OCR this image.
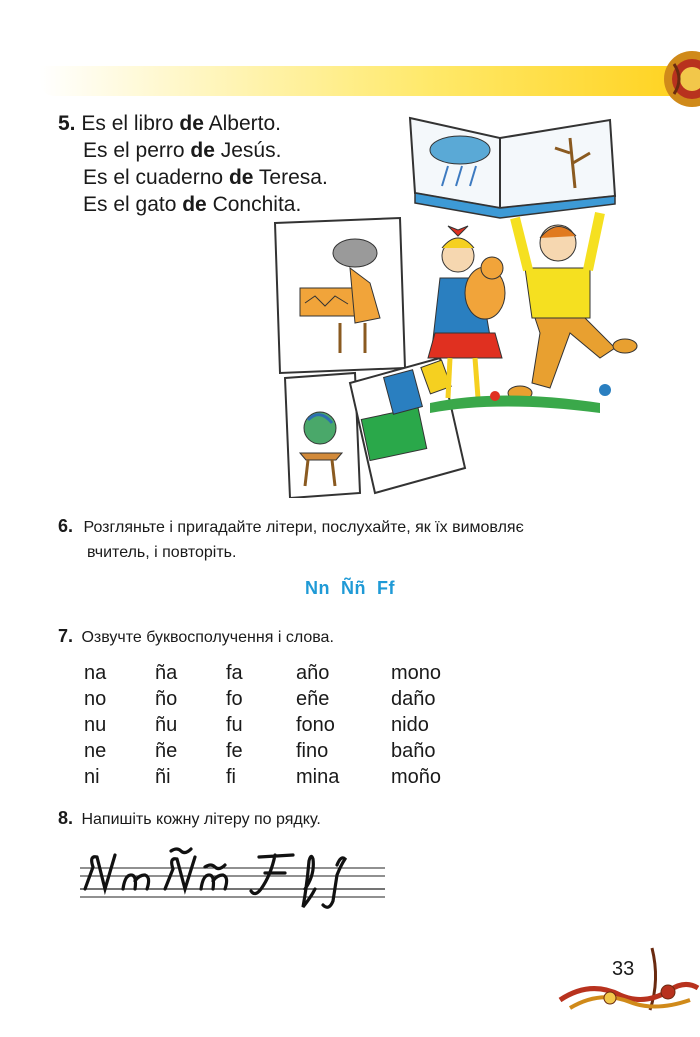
5. Es el libro de Alberto.
Es el perro de Jesús.
Es el cuaderno de Teresa.
Es el gato de Conchita.
6. Розгляньте і пригадайте літери, послухайте, як їх вимовляє
вчитель, і повторіть.
Nn  Ññ  Ff
7. Озвучте буквосполучення і слова.
na
no
nu
ne
ni
ña
ño
ñu
ñe
ñi
fa
fo
fu
fe
fi
año
eñe
fono
fino
mina
mono
daño
nido
baño
moño
8. Напишіть кожну літеру по рядку.
33
